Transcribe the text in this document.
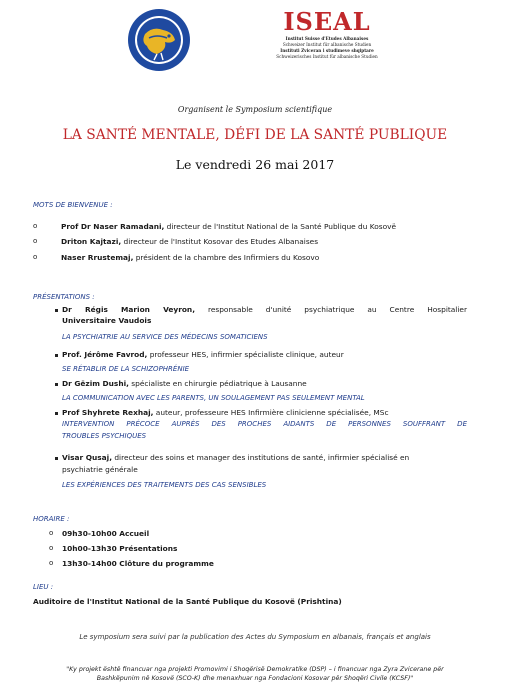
ISEAL
Institut Suisse d'Etudes Albanaises
Schweizer Institut für albanische Studien
Instituti Zviceran i studimeve shqiptare
Schweizerisches Institut für albanische Studien
Organisent le Symposium scientifique
LA SANTÉ MENTALE, DÉFI DE LA SANTÉ PUBLIQUE
Le vendredi 26 mai 2017
MOTS DE BIENVENUE :
o	Prof Dr Naser Ramadani, directeur de l'Institut National de la Santé Publique du Kosovë
o	Driton Kajtazi, directeur de l'Institut Kosovar des Etudes Albanaises
o	Naser Rrustemaj, président de la chambre des Infirmiers du Kosovo
PRÉSENTATIONS :
Dr Régis Marion Veyron, responsable d'unité psychiatrique au Centre Hospitalier
Universitaire Vaudois
LA PSYCHIATRIE AU SERVICE DES MÉDECINS SOMATICIENS
Prof. Jérôme Favrod, professeur HES, infirmier spécialiste clinique, auteur
SE RÉTABLIR DE LA SCHIZOPHRÉNIE
Dr Gëzim Dushi, spécialiste en chirurgie pédiatrique à Lausanne
LA COMMUNICATION AVEC LES PARENTS, UN SOULAGEMENT PAS SEULEMENT MENTAL
Prof Shyhrete Rexhaj, auteur, professeure HES Infirmière clinicienne spécialisée, MSc
INTERVENTION PRÉCOCE AUPRÈS DES PROCHES AIDANTS DE PERSONNES SOUFFRANT DE
TROUBLES PSYCHIQUES
Visar Qusaj, directeur des soins et manager des institutions de santé, infirmier spécialisé en
psychiatrie générale
LES EXPÉRIENCES DES TRAITEMENTS DES CAS SENSIBLES
HORAIRE :
o 09h30-10h00 Accueil
o 10h00-13h30 Présentations
o 13h30-14h00 Clôture du programme
LIEU :
Auditoire de l'Institut National de la Santé Publique du Kosovë (Prishtina)
Le symposium sera suivi par la publication des Actes du Symposium en albanais, français et anglais
"Ky projekt është financuar nga projekti Promovimi i Shoqërisë Demokratike (DSP) – i financuar nga Zyra Zvicerane për
Bashkëpunim në Kosovë (SCO-K) dhe menaxhuar nga Fondacioni Kosovar për Shoqëri Civile (KCSF)"
